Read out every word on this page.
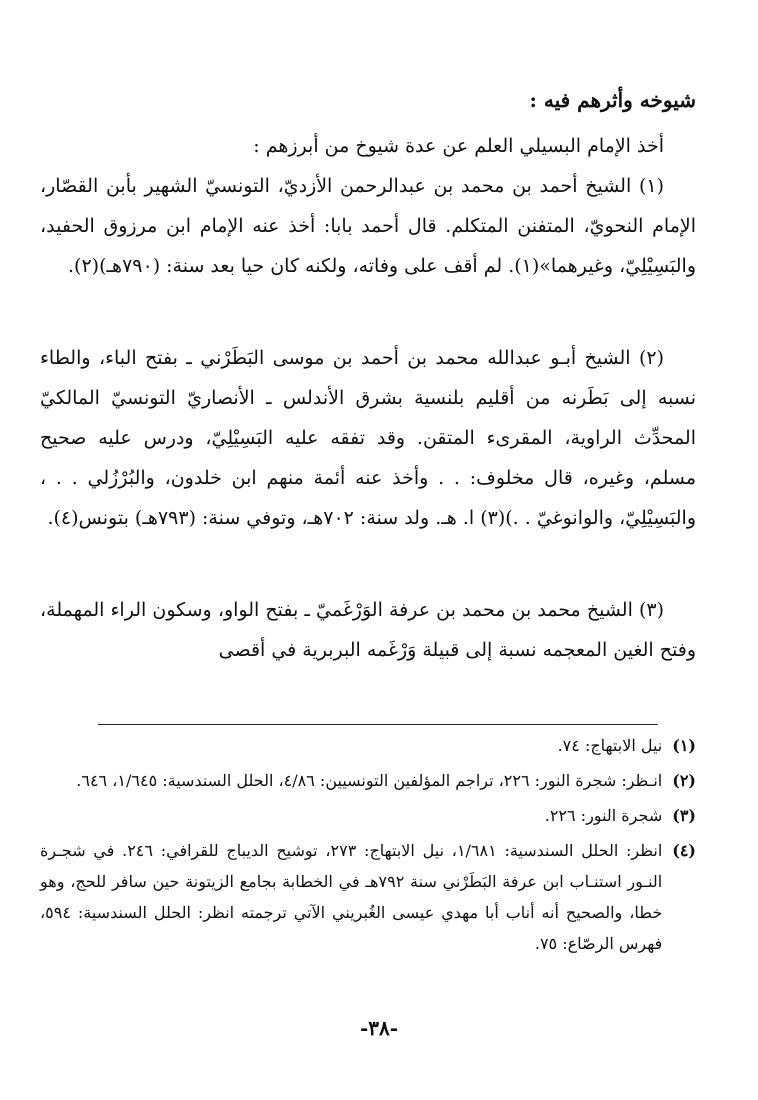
شيوخه وأثرهم فيه :

أخذ الإمام البسيلي العلم عن عدة شيوخ من أبرزهم :

(١) الشيخ أحمد بن محمد بن عبدالرحمن الأزديّ، التونسيّ الشهير بأبن القصّار، الإمام النحويّ، المتفنن المتكلم. قال أحمد بابا: أخذ عنه الإمام ابن مرزوق الحفيد، والبَسِيْلِيّ، وغيرهما»(١). لم أقف على وفاته، ولكنه كان حيا بعد سنة: (٧٩٠هـ)(٢).

(٢) الشيخ أبـو عبدالله محمد بن أحمد بن موسى البَطَرْني ـ بفتح الباء، والطاء نسبه إلى بَطَرنه من أقليم بلنسية بشرق الأندلس ـ الأنصاريّ التونسيّ المالكيّ المحدِّث الراوية، المقرىء المتقن. وقد تفقه عليه البَسِيْلِيّ، ودرس عليه صحيح مسلم، وغيره، قال مخلوف: . . وأخذ عنه أئمة منهم ابن خلدون، والبُرْزُلي . . ، والبَسِيْلِيّ، والوانوغيّ . .)(٣) ا. هـ. ولد سنة: ٧٠٢هـ، وتوفي سنة: (٧٩٣هـ) بتونس(٤).

(٣) الشيخ محمد بن محمد بن عرفة الوَرْغَميّ ـ بفتح الواو، وسكون الراء المهملة، وفتح الغين المعجمه نسبة إلى قبيلة وَرْغَمه البربرية في أقصى

(١)
نيل الابتهاج: ٧٤.
(٢)
انـظر: شجرة النور: ٢٢٦، تراجم المؤلفين التونسيين: ٤/٨٦، الحلل السندسية: ١/٦٤٥، ٦٤٦.
(٣)
شجرة النور: ٢٢٦.
(٤)
انظر: الحلل السندسية: ١/٦٨١، نيل الابتهاج: ٢٧٣، توشيح الديباج للقرافي: ٢٤٦. في شجـرة النـور استنـاب ابن عرفة البَطَرْني سنة ٧٩٢هـ في الخطابة بجامع الزيتونة حين سافر للحج، وهو خطا، والصحيح أنه أناب أبا مهدي عيسى الغُبريني الآتي ترجمته انظر: الحلل السندسية: ٥٩٤، فهرس الرصّاع: ٧٥.
-٣٨-
